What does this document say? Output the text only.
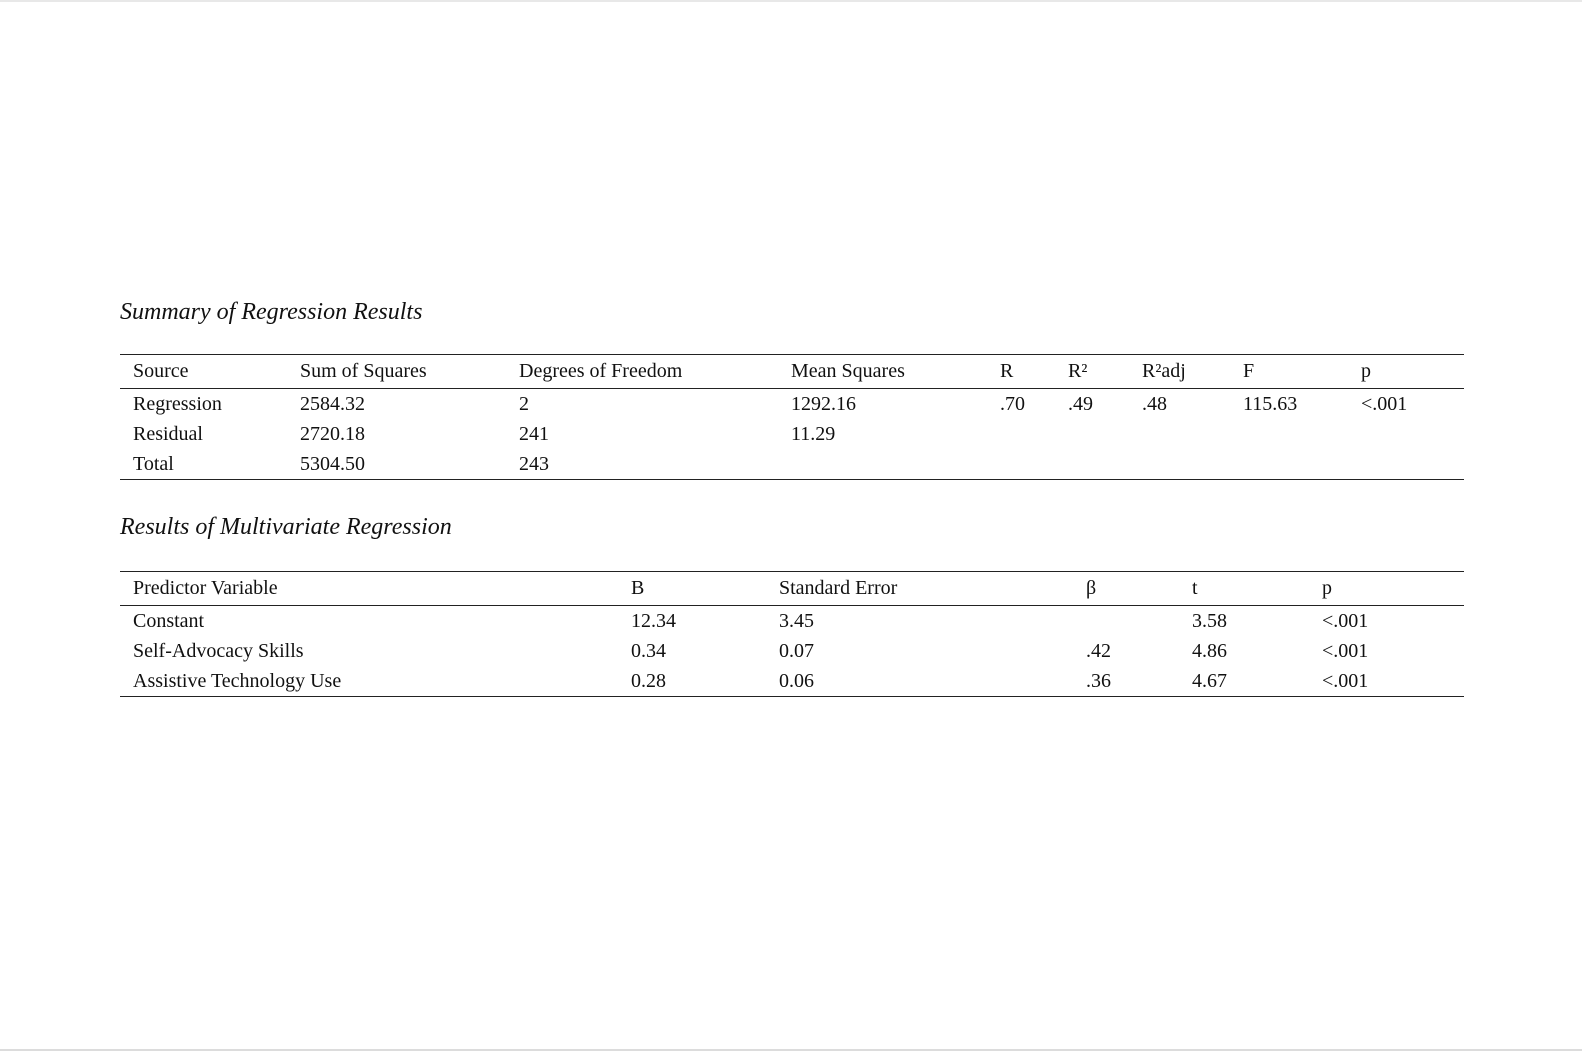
Summary of Regression Results
	Source	Sum of Squares	Degrees of Freedom	Mean Squares	R	R²	R²adj	F	p
	Regression	2584.32	2	1292.16	.70	.49	.48	115.63	<.001
	Residual	2720.18	241	11.29					
	Total	5304.50	243						
Results of Multivariate Regression
	Predictor Variable	B	Standard Error	β	t	p
	Constant	12.34	3.45		3.58	<.001
	Self-Advocacy Skills	0.34	0.07	.42	4.86	<.001
	Assistive Technology Use	0.28	0.06	.36	4.67	<.001
